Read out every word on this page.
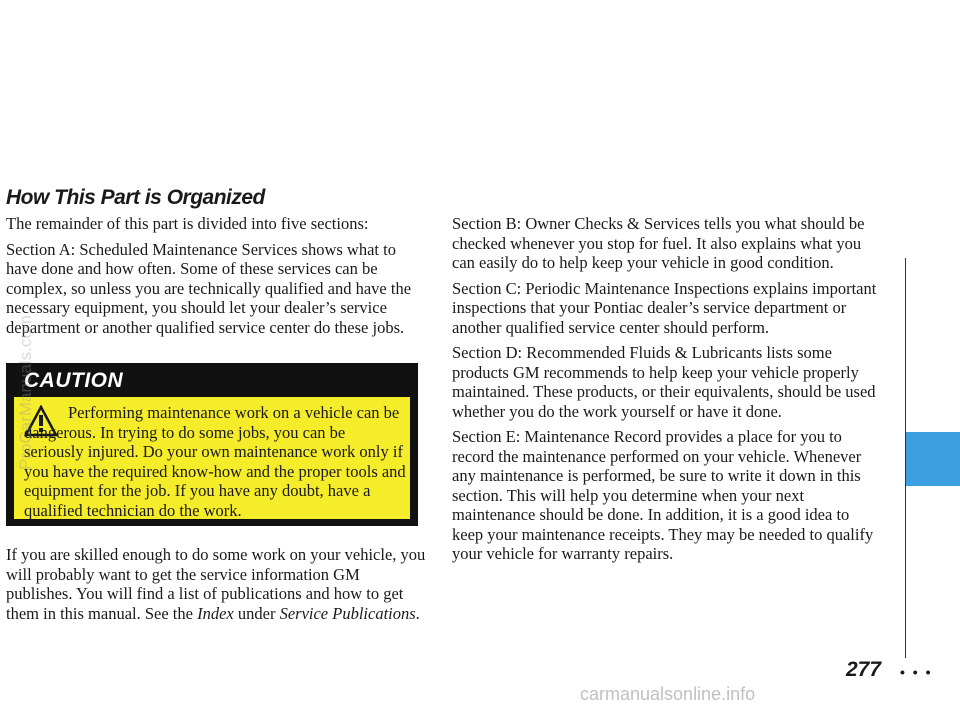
How This Part is Organized

The remainder of this part is divided into five sections:

Section A: Scheduled Maintenance Services shows what to have done and how often. Some of these services can be complex, so unless you are technically qualified and have the necessary equipment, you should let your dealer’s service department or another qualified service center do these jobs.

CAUTION

Performing maintenance work on a vehicle can be dangerous. In trying to do some jobs, you can be seriously injured. Do your own maintenance work only if you have the required know-how and the proper tools and equipment for the job. If you have any doubt, have a qualified technician do the work.

If you are skilled enough to do some work on your vehicle, you will probably want to get the service information GM publishes. You will find a list of publications and how to get them in this manual. See the Index under Service Publications.

Section B: Owner Checks & Services tells you what should be checked whenever you stop for fuel. It also explains what you can easily do to help keep your vehicle in good condition.

Section C: Periodic Maintenance Inspections explains important inspections that your Pontiac dealer’s service department or another qualified service center should perform.

Section D: Recommended Fluids & Lubricants lists some products GM recommends to help keep your vehicle properly maintained. These products, or their equivalents, should be used whether you do the work yourself or have it done.

Section E: Maintenance Record provides a place for you to record the maintenance performed on your vehicle. Whenever any maintenance is performed, be sure to write it down in this section. This will help you determine when your next maintenance should be done. In addition, it is a good idea to keep your maintenance receipts. They may be needed to qualify your vehicle for warranty repairs.

277 • • •
ProCarManuals.com
carmanualsonline.info
